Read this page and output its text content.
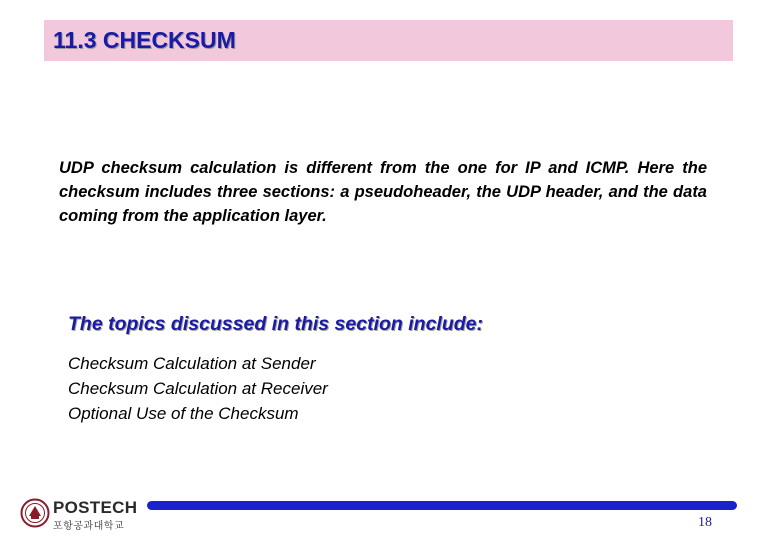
11.3 CHECKSUM

UDP checksum calculation is different from the one for IP and ICMP. Here the checksum includes three sections: a pseudoheader, the UDP header, and the data coming from the application layer.

The topics discussed in this section include:
Checksum Calculation at Sender
Checksum Calculation at Receiver
Optional Use of the Checksum
POSTECH
포항공과대학교	18
